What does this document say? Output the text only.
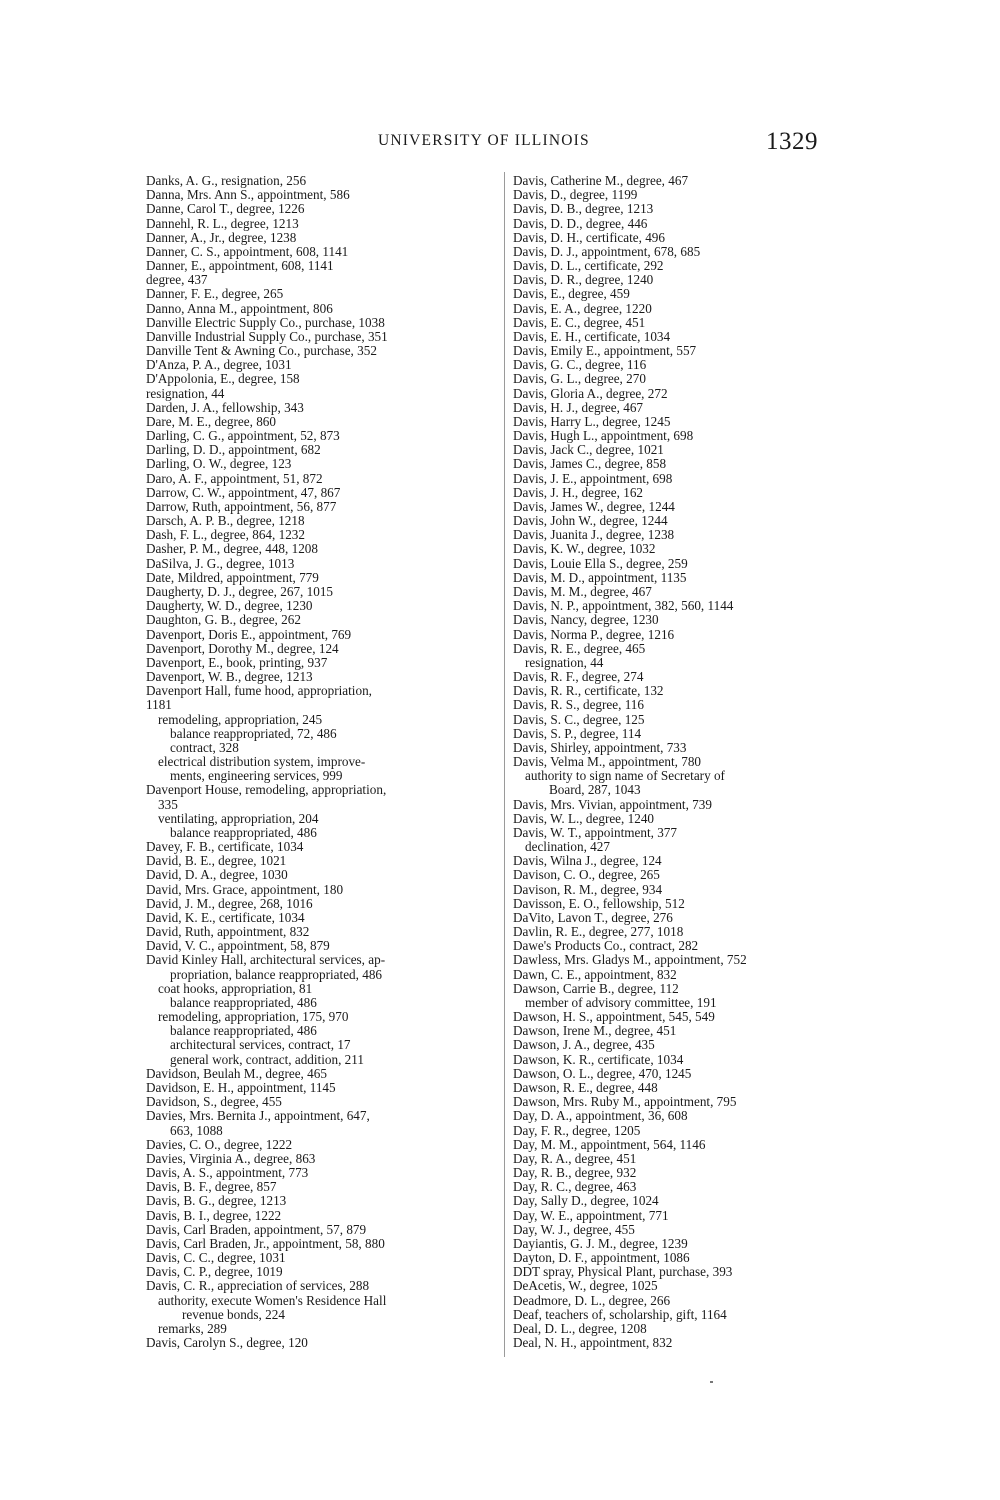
UNIVERSITY OF ILLINOIS	1329
Danks, A. G., resignation, 256
Danna, Mrs. Ann S., appointment, 586
Danne, Carol T., degree, 1226
Dannehl, R. L., degree, 1213
Danner, A., Jr., degree, 1238
Danner, C. S., appointment, 608, 1141
Danner, E., appointment, 608, 1141
degree, 437
Danner, F. E., degree, 265
Danno, Anna M., appointment, 806
Danville Electric Supply Co., purchase, 1038
Danville Industrial Supply Co., purchase, 351
Danville Tent & Awning Co., purchase, 352
D'Anza, P. A., degree, 1031
D'Appolonia, E., degree, 158
resignation, 44
Darden, J. A., fellowship, 343
Dare, M. E., degree, 860
Darling, C. G., appointment, 52, 873
Darling, D. D., appointment, 682
Darling, O. W., degree, 123
Daro, A. F., appointment, 51, 872
Darrow, C. W., appointment, 47, 867
Darrow, Ruth, appointment, 56, 877
Darsch, A. P. B., degree, 1218
Dash, F. L., degree, 864, 1232
Dasher, P. M., degree, 448, 1208
DaSilva, J. G., degree, 1013
Date, Mildred, appointment, 779
Daugherty, D. J., degree, 267, 1015
Daugherty, W. D., degree, 1230
Daughton, G. B., degree, 262
Davenport, Doris E., appointment, 769
Davenport, Dorothy M., degree, 124
Davenport, E., book, printing, 937
Davenport, W. B., degree, 1213
Davenport Hall, fume hood, appropriation,
1181
remodeling, appropriation, 245
balance reappropriated, 72, 486
contract, 328
electrical distribution system, improve-
ments, engineering services, 999
Davenport House, remodeling, appropriation,
335
ventilating, appropriation, 204
balance reappropriated, 486
Davey, F. B., certificate, 1034
David, B. E., degree, 1021
David, D. A., degree, 1030
David, Mrs. Grace, appointment, 180
David, J. M., degree, 268, 1016
David, K. E., certificate, 1034
David, Ruth, appointment, 832
David, V. C., appointment, 58, 879
David Kinley Hall, architectural services, ap-
propriation, balance reappropriated, 486
coat hooks, appropriation, 81
balance reappropriated, 486
remodeling, appropriation, 175, 970
balance reappropriated, 486
architectural services, contract, 17
general work, contract, addition, 211
Davidson, Beulah M., degree, 465
Davidson, E. H., appointment, 1145
Davidson, S., degree, 455
Davies, Mrs. Bernita J., appointment, 647,
663, 1088
Davies, C. O., degree, 1222
Davies, Virginia A., degree, 863
Davis, A. S., appointment, 773
Davis, B. F., degree, 857
Davis, B. G., degree, 1213
Davis, B. I., degree, 1222
Davis, Carl Braden, appointment, 57, 879
Davis, Carl Braden, Jr., appointment, 58, 880
Davis, C. C., degree, 1031
Davis, C. P., degree, 1019
Davis, C. R., appreciation of services, 288
authority, execute Women's Residence Hall
revenue bonds, 224
remarks, 289
Davis, Carolyn S., degree, 120
Davis, Catherine M., degree, 467
Davis, D., degree, 1199
Davis, D. B., degree, 1213
Davis, D. D., degree, 446
Davis, D. H., certificate, 496
Davis, D. J., appointment, 678, 685
Davis, D. L., certificate, 292
Davis, D. R., degree, 1240
Davis, E., degree, 459
Davis, E. A., degree, 1220
Davis, E. C., degree, 451
Davis, E. H., certificate, 1034
Davis, Emily E., appointment, 557
Davis, G. C., degree, 116
Davis, G. L., degree, 270
Davis, Gloria A., degree, 272
Davis, H. J., degree, 467
Davis, Harry L., degree, 1245
Davis, Hugh L., appointment, 698
Davis, Jack C., degree, 1021
Davis, James C., degree, 858
Davis, J. E., appointment, 698
Davis, J. H., degree, 162
Davis, James W., degree, 1244
Davis, John W., degree, 1244
Davis, Juanita J., degree, 1238
Davis, K. W., degree, 1032
Davis, Louie Ella S., degree, 259
Davis, M. D., appointment, 1135
Davis, M. M., degree, 467
Davis, N. P., appointment, 382, 560, 1144
Davis, Nancy, degree, 1230
Davis, Norma P., degree, 1216
Davis, R. E., degree, 465
resignation, 44
Davis, R. F., degree, 274
Davis, R. R., certificate, 132
Davis, R. S., degree, 116
Davis, S. C., degree, 125
Davis, S. P., degree, 114
Davis, Shirley, appointment, 733
Davis, Velma M., appointment, 780
authority to sign name of Secretary of
Board, 287, 1043
Davis, Mrs. Vivian, appointment, 739
Davis, W. L., degree, 1240
Davis, W. T., appointment, 377
declination, 427
Davis, Wilna J., degree, 124
Davison, C. O., degree, 265
Davison, R. M., degree, 934
Davisson, E. O., fellowship, 512
DaVito, Lavon T., degree, 276
Davlin, R. E., degree, 277, 1018
Dawe's Products Co., contract, 282
Dawless, Mrs. Gladys M., appointment, 752
Dawn, C. E., appointment, 832
Dawson, Carrie B., degree, 112
member of advisory committee, 191
Dawson, H. S., appointment, 545, 549
Dawson, Irene M., degree, 451
Dawson, J. A., degree, 435
Dawson, K. R., certificate, 1034
Dawson, O. L., degree, 470, 1245
Dawson, R. E., degree, 448
Dawson, Mrs. Ruby M., appointment, 795
Day, D. A., appointment, 36, 608
Day, F. R., degree, 1205
Day, M. M., appointment, 564, 1146
Day, R. A., degree, 451
Day, R. B., degree, 932
Day, R. C., degree, 463
Day, Sally D., degree, 1024
Day, W. E., appointment, 771
Day, W. J., degree, 455
Dayiantis, G. J. M., degree, 1239
Dayton, D. F., appointment, 1086
DDT spray, Physical Plant, purchase, 393
DeAcetis, W., degree, 1025
Deadmore, D. L., degree, 266
Deaf, teachers of, scholarship, gift, 1164
Deal, D. L., degree, 1208
Deal, N. H., appointment, 832
